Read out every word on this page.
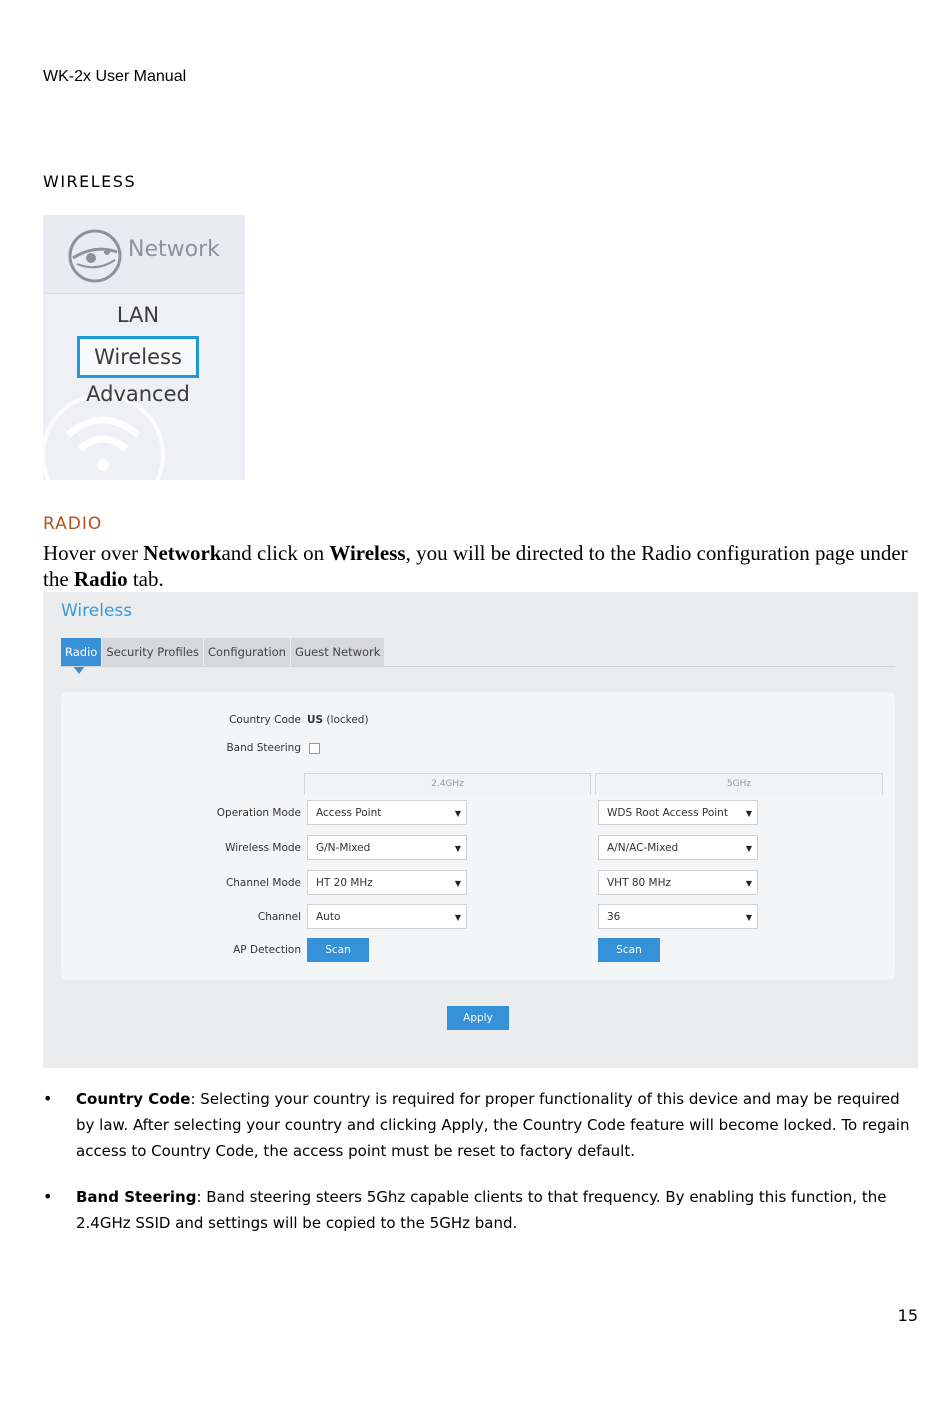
WK-2x User Manual
WIRELESS
Network
LAN
Wireless
Advanced
RADIO
Hover over Networkand click on Wireless, you will be directed to the Radio configuration page under the Radio tab.
Wireless
Radio Security Profiles Configuration Guest Network
Country Code US (locked)
Band Steering
2.4GHz	5GHz
Operation Mode	Access Point	▼	WDS Root Access Point ▼
Wireless Mode	G/N-Mixed	▼	A/N/AC-Mixed	▼
Channel Mode	HT 20 MHz	▼	VHT 80 MHz	▼
Channel	Auto	▼	36	▼
AP Detection	Scan	Scan
Apply
• Country Code: Selecting your country is required for proper functionality of this device and may be required by law. After selecting your country and clicking Apply, the Country Code feature will become locked. To regain access to Country Code, the access point must be reset to factory default.
• Band Steering: Band steering steers 5Ghz capable clients to that frequency. By enabling this function, the 2.4GHz SSID and settings will be copied to the 5GHz band.
15
